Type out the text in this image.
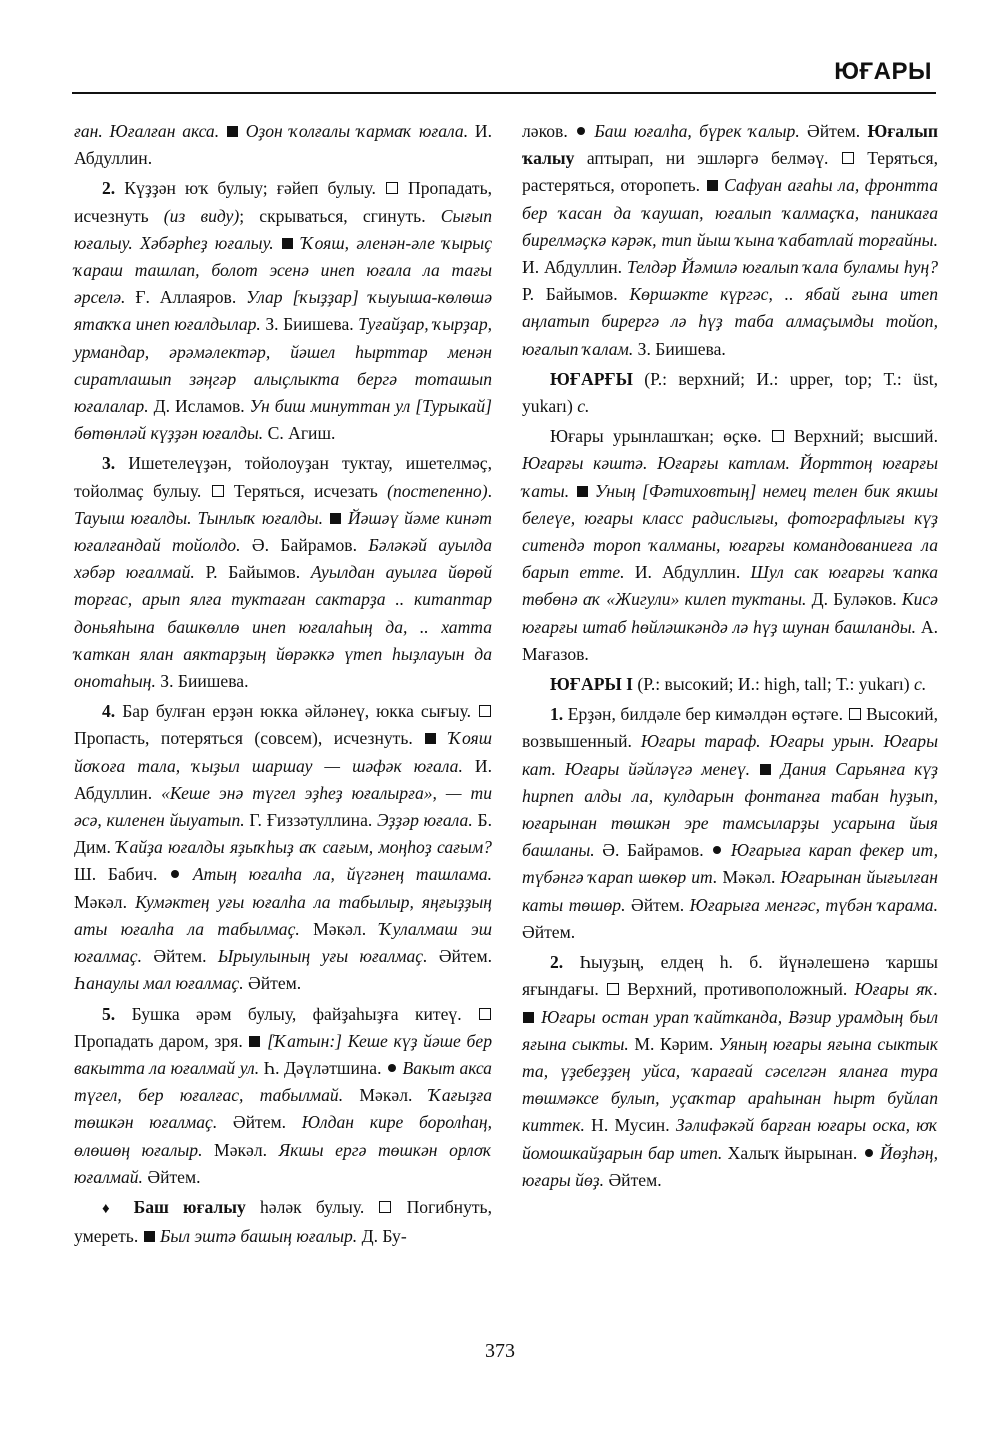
ЮҒАРЫ

ған. Юғалған акса. Оҙон ҡолғалы ҡармаҡ юғала. И. Абдуллин.

2. Күҙҙән юҡ булыу; ғәйеп булыу.  Пропадать, исчезнуть (из виду); скрываться, сгинуть. Сығып юғалыу. Хәбәрһеҙ юғалыу. Ҡояш, әленән-әле ҡырыҫ ҡараш ташлап, болот эсенә инеп юғала ла тағы әрселә. Ғ. Аллаяров. Улар [ҡыҙҙар] ҡыуыша-көлөшә ятаҡҡа инеп юғалдылар. З. Биишева. Туғайҙар, ҡырҙар, урмандар, әрәмәлектәр, йәшел һырттар менән сиратлашып зәңгәр алыҫлыкта бергә тоташып юғалалар. Д. Исламов. Ун биш минуттан ул [Турыкай] бөтөнләй күҙҙән юғалды. С. Агиш.

3. Ишетелеүҙән, тойолоуҙан туктау, ишетелмәҫ, тойолмаҫ булыу.  Теряться, исчезать (постепенно). Тауыш юғалды. Тынлыҡ юғалды. Йәшәү йәме кинәт юғалғандай тойолдо. Ә. Байрамов. Бәләкәй ауылда хәбәр юғалмай. Р. Байымов. Ауылдан ауылға йөрөй торғас, арып ялға туктаған сактарҙа .. китаптар доньяһына башкөллө инеп юғалаһың да, .. хатта ҡаткан ялан аяктарҙың йөрәккә үтеп һыҙлауын да онотаһың. З. Биишева.

4. Бар булған ерҙән юкка әйләнеү, юкка сығыу.  Пропасть, потеряться (совсем), исчезнуть. Ҡояш йоҡоға тала, ҡыҙыл шаршау — шәфәк юғала. И. Абдуллин. «Кеше энә түгел эҙһеҙ юғалырға», — ти әсә, киленен йыуатып. Г. Ғиззәтуллина. Эҙҙәр юғала. Б. Дим. Ҡайҙа юғалды яҙыҡһыҙ аҡ сағым, моңһоҙ сағым? Ш. Бабич. Атың юғалһа ла, йүгәнең ташлама. Мәкәл. Кумәктең уғы юғалһа ла табылыр, яңғыҙҙың аты юғалһа ла табылмаҫ. Мәкәл. Ҡулалмаш эш юғалмаҫ. Әйтем. Ырыулының уғы юғалмаҫ. Әйтем. Һанаулы мал юғалмаҫ. Әйтем.

5. Бушка әрәм булыу, файҙаһыҙға китеү.  Пропадать даром, зря. [Ҡатын:] Кеше күҙ йәше бер вакытта ла юғалмай ул. Һ. Дәүләтшина. Вакыт акса түгел, бер юғалғас, табылмай. Мәкәл. Ҡағыҙға төшкән юғалмаҫ. Әйтем. Юлдан кире боролһаң, өлөшөң юғалыр. Мәкәл. Якшы ергә төшкән орлоҡ юғалмай. Әйтем.

♦ Баш юғалыу һәләк булыу.  Погибнуть, умереть. Был эштә башың юғалыр. Д. Бу-

ләков. Баш юғалһа, бүрек ҡалыр. Әйтем. Юғалып ҡалыу аптырап, ни эшләргә белмәү.  Теряться, растеряться, оторопеть. Сафуан ағаһы ла, фронтта бер ҡасан да ҡаушап, юғалып ҡалмаҫҡа, паникаға бирелмәҫкә кәрәк, тип йыш ҡына ҡабатлай торғайны. И. Абдуллин. Телдәр Йәмилә юғалып ҡала буламы һуң? Р. Байымов. Көршәкте күргәс, .. ябай ғына итеп аңлатып бирергә лә һүҙ таба алмаҫымды тойоп, юғалып ҡалам. З. Биишева.

ЮҒАРҒЫ (Р.: верхний; И.: upper, top; Т.: üst, yukarı) с.

Юғары урынлашҡан; өҫкө.  Верхний; высший. Юғарғы кәштә. Юғарғы катлам. Йорттоң юғарғы ҡаты. Уның [Фәтиховтың] немец телен бик якшы белеүе, юғары класс радислығы, фотографлығы күҙ ситендә тороп ҡалманы, юғарғы командованиеға ла барып етте. И. Абдуллин. Шул сак юғарғы ҡапка төбөнә аҡ «Жигули» килеп туктаны. Д. Буләков. Кисә юғарғы штаб һөйләшкәндә лә һүҙ шунан башланды. А. Мағазов.

ЮҒАРЫ I (Р.: высокий; И.: high, tall; Т.: yukarı) с.

1. Ерҙән, билдәле бер кимәлдән өҫтәге.  Высокий, возвышенный. Юғары тараф. Юғары урын. Юғары кат. Юғары йәйләүгә менеү. Дания Сарьянға күҙ һирпеп алды ла, кулдарын фонтанға табан һуҙып, юғарынан төшкән эре тамсыларҙы усарына йыя башланы. Ә. Байрамов. Юғарыға карап фекер ит, түбәнгә ҡарап шөкөр ит. Мәкәл. Юғарынан йығылған каты төшөр. Әйтем. Юғарыға менгәс, түбән ҡарама. Әйтем.

2. Һыуҙың, елдең һ. б. йүнәлешенә ҡаршы яғындағы.  Верхний, противоположный. Юғары яҡ.  Юғары остан урап ҡайтканда, Вәзир урамдың был яғына сыкты. М. Кәрим. Уяның юғары яғына сыктык та, үҙебеҙҙең уйса, ҡарағай сәселгән яланға тура төшмәксе булып, уҫаҡтар араһынан һырт буйлап киттек. Н. Мусин. Зәлифәкәй барған юғары оска, юҡ йомошкайҙарын бар итеп. Халыҡ йырынан. Йөҙһәң, юғары йөҙ. Әйтем.

373
